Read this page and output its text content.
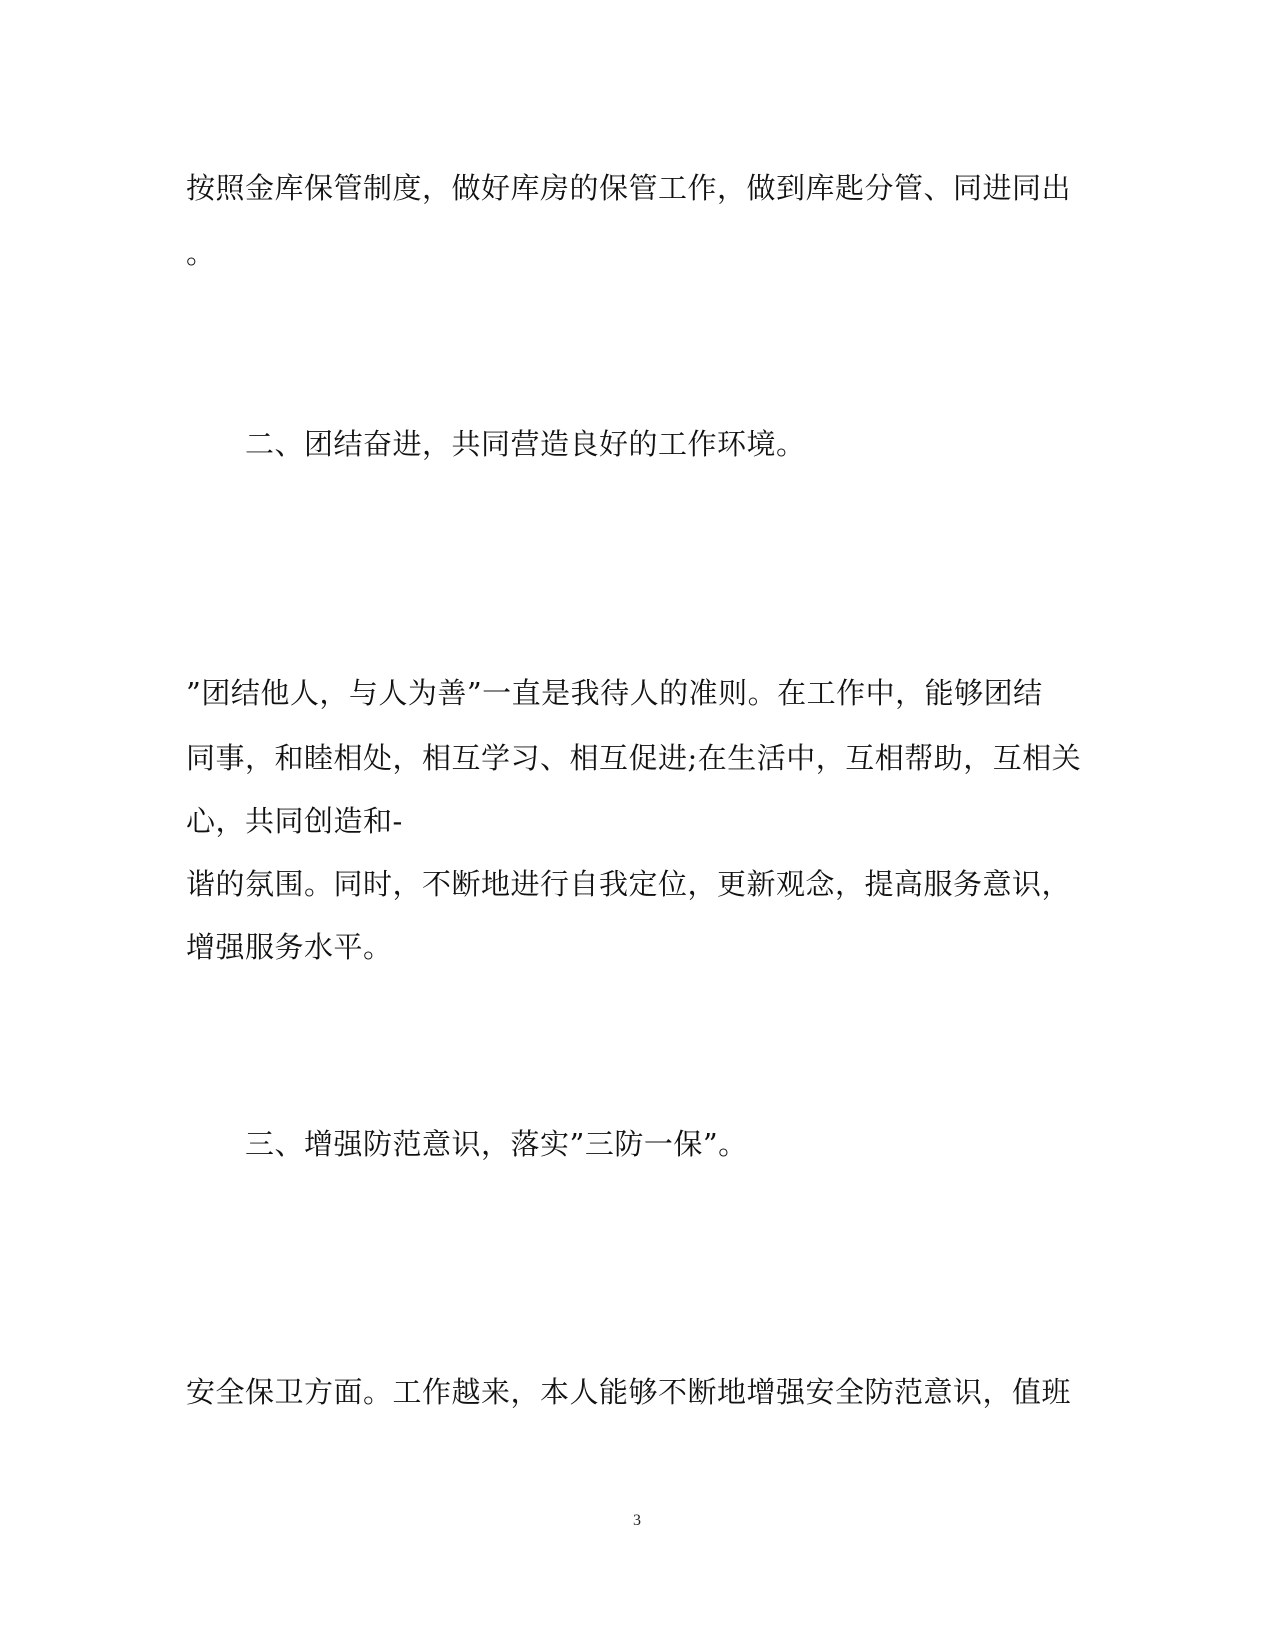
按照金库保管制度，做好库房的保管工作，做到库匙分管、同进同出
。
二、团结奋进，共同营造良好的工作环境。
”团结他人，与人为善”一直是我待人的准则。在工作中，能够团结
同事，和睦相处，相互学习、相互促进;在生活中，互相帮助，互相关
心，共同创造和-
谐的氛围。同时，不断地进行自我定位，更新观念，提高服务意识，
增强服务水平。
三、增强防范意识，落实”三防一保”。
安全保卫方面。工作越来，本人能够不断地增强安全防范意识，值班
3
